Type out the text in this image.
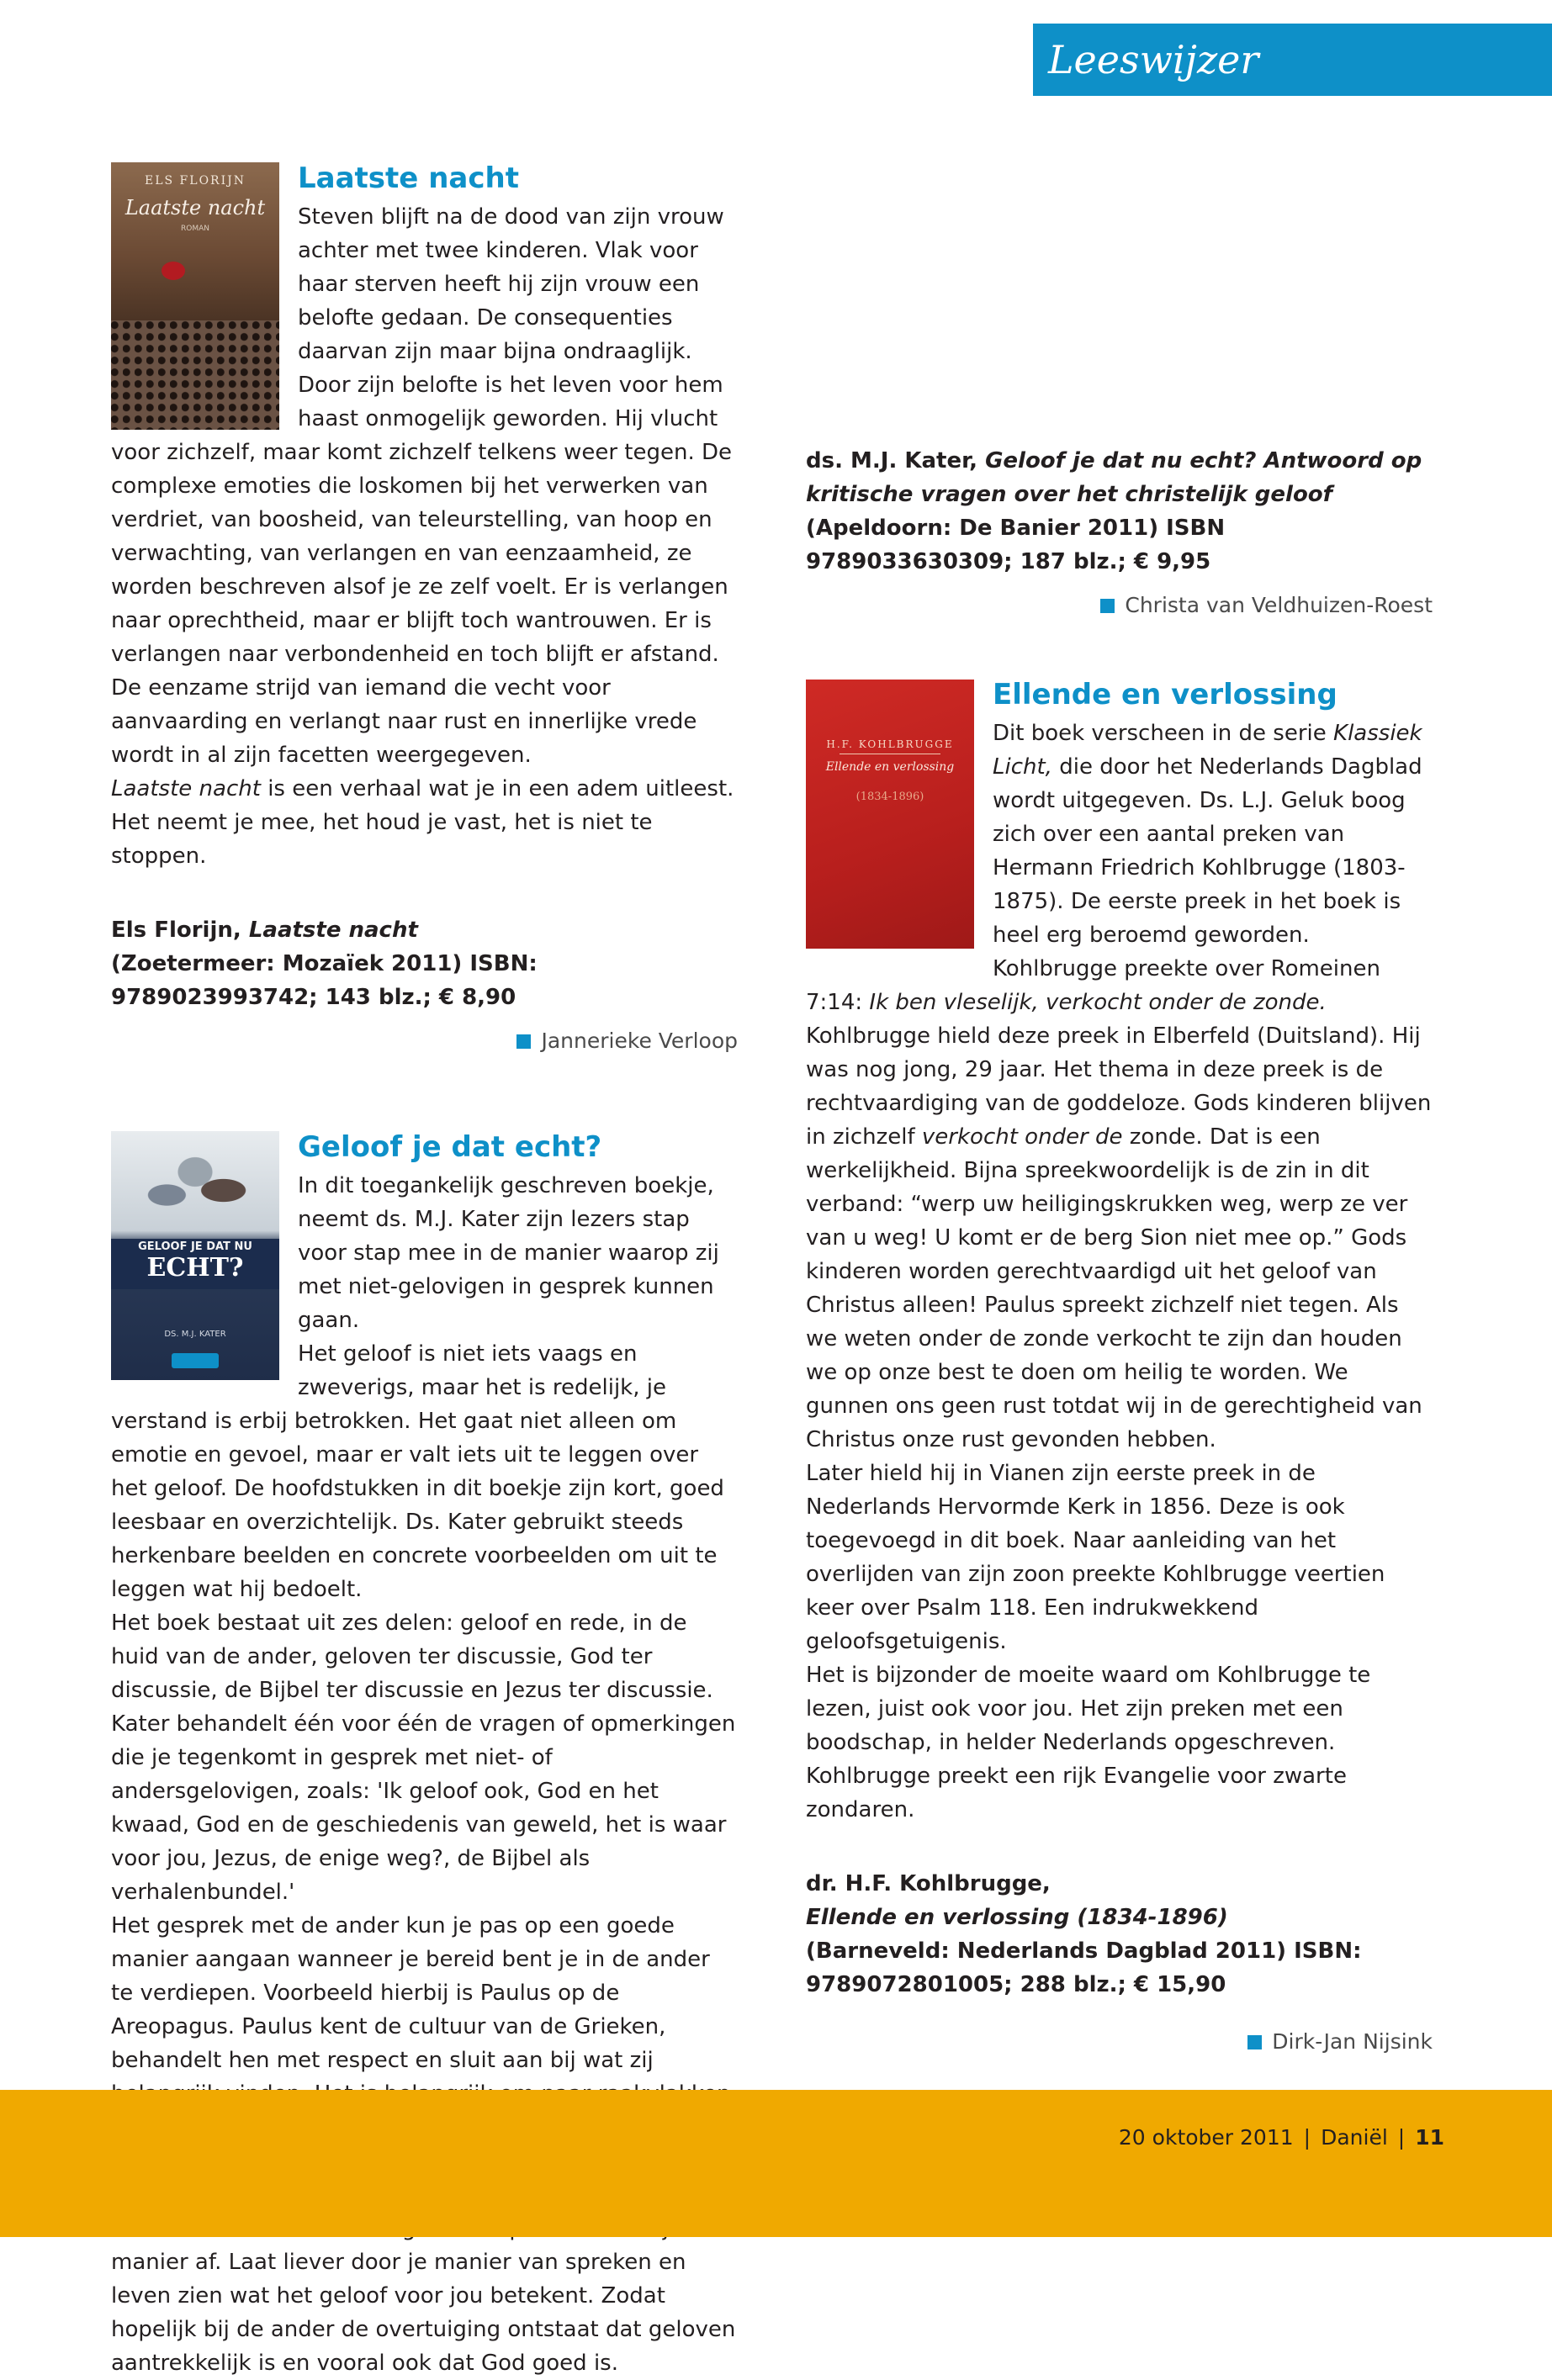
Leeswijzer
ELS FLORIJN
Laatste nacht
ROMAN
Laatste nacht

Steven blijft na de dood van zijn vrouw achter met twee kinderen. Vlak voor haar sterven heeft hij zijn vrouw een belofte gedaan. De consequenties daarvan zijn maar bijna ondraaglijk. Door zijn belofte is het leven voor hem haast onmogelijk geworden. Hij vlucht voor zichzelf, maar komt zichzelf telkens weer tegen. De complexe emoties die loskomen bij het verwerken van verdriet, van boosheid, van teleurstelling, van hoop en verwachting, van verlangen en van eenzaamheid, ze worden beschreven alsof je ze zelf voelt. Er is verlangen naar oprechtheid, maar er blijft toch wantrouwen. Er is verlangen naar verbondenheid en toch blijft er afstand. De eenzame strijd van iemand die vecht voor aanvaarding en verlangt naar rust en innerlijke vrede wordt in al zijn facetten weergegeven.

Laatste nacht is een verhaal wat je in een adem uitleest. Het neemt je mee, het houd je vast, het is niet te stoppen.

Els Florijn, Laatste nacht
(Zoetermeer: Mozaïek 2011) ISBN: 9789023993742; 143 blz.; € 8,90

Jannerieke Verloop
GELOOF JE DAT NU
ECHT?
DS. M.J. KATER
Geloof je dat echt?

In dit toegankelijk geschreven boekje, neemt ds. M.J. Kater zijn lezers stap voor stap mee in de manier waarop zij met niet-gelovigen in gesprek kunnen gaan.

Het geloof is niet iets vaags en zweverigs, maar het is redelijk, je verstand is erbij betrokken. Het gaat niet alleen om emotie en gevoel, maar er valt iets uit te leggen over het geloof. De hoofdstukken in dit boekje zijn kort, goed leesbaar en overzichtelijk. Ds. Kater gebruikt steeds herkenbare beelden en concrete voorbeelden om uit te leggen wat hij bedoelt.

Het boek bestaat uit zes delen: geloof en rede, in de huid van de ander, geloven ter discussie, God ter discussie, de Bijbel ter discussie en Jezus ter discussie. Kater behandelt één voor één de vragen of opmerkingen die je tegenkomt in gesprek met niet- of andersgelovigen, zoals: 'Ik geloof ook, God en het kwaad, God en de geschiedenis van geweld, het is waar voor jou, Jezus, de enige weg?, de Bijbel als verhalenbundel.'

Het gesprek met de ander kun je pas op een goede manier aangaan wanneer je bereid bent je in de ander te verdiepen. Voorbeeld hierbij is Paulus op de Areopagus. Paulus kent de cultuur van de Grieken, behandelt hen met respect en sluit aan bij wat zij manier af. Laat liever door je manier van spreken en leven zien wat het geloof voor jou betekent. Zodat hopelijk bij de ander de overtuiging ontstaat dat geloven aantrekkelijk is en vooral ook dat God goed is.

ds. M.J. Kater, Geloof je dat nu echt? Antwoord op kritische vragen over het christelijk geloof
(Apeldoorn: De Banier 2011) ISBN 9789033630309; 187 blz.; € 9,95

Christa van Veldhuizen-Roest
H.F. KOHLBRUGGE
Ellende en verlossing
(1834-1896)
Ellende en verlossing

Dit boek verscheen in de serie Klassiek Licht, die door het Nederlands Dagblad wordt uitgegeven. Ds. L.J. Geluk boog zich over een aantal preken van Hermann Friedrich Kohlbrugge (1803-1875). De eerste preek in het boek is heel erg beroemd geworden. Kohlbrugge preekte over Romeinen 7:14: Ik ben vleselijk, verkocht onder de zonde. Kohlbrugge hield deze preek in Elberfeld (Duitsland). Hij was nog jong, 29 jaar. Het thema in deze preek is de rechtvaardiging van de goddeloze. Gods kinderen blijven in zichzelf verkocht onder de zonde. Dat is een werkelijkheid. Bijna spreekwoordelijk is de zin in dit verband: “werp uw heiligingskrukken weg, werp ze ver van u weg! U komt er de berg Sion niet mee op.” Gods kinderen worden gerechtvaardigd uit het geloof van Christus alleen! Paulus spreekt zichzelf niet tegen. Als we weten onder de zonde verkocht te zijn dan houden we op onze best te doen om heilig te worden. We gunnen ons geen rust totdat wij in de gerechtigheid van Christus onze rust gevonden hebben.

Later hield hij in Vianen zijn eerste preek in de Nederlands Hervormde Kerk in 1856. Deze is ook toegevoegd in dit boek. Naar aanleiding van het overlijden van zijn zoon preekte Kohlbrugge veertien keer over Psalm 118. Een indrukwekkend geloofsgetuigenis.

Het is bijzonder de moeite waard om Kohlbrugge te lezen, juist ook voor jou. Het zijn preken met een boodschap, in helder Nederlands opgeschreven. Kohlbrugge preekt een rijk Evangelie voor zwarte zondaren.

dr. H.F. Kohlbrugge,
Ellende en verlossing (1834-1896)
(Barneveld: Nederlands Dagblad 2011) ISBN: 9789072801005; 288 blz.; € 15,90

Dirk-Jan Nijsink
20 oktober 2011 | Daniël | 11
